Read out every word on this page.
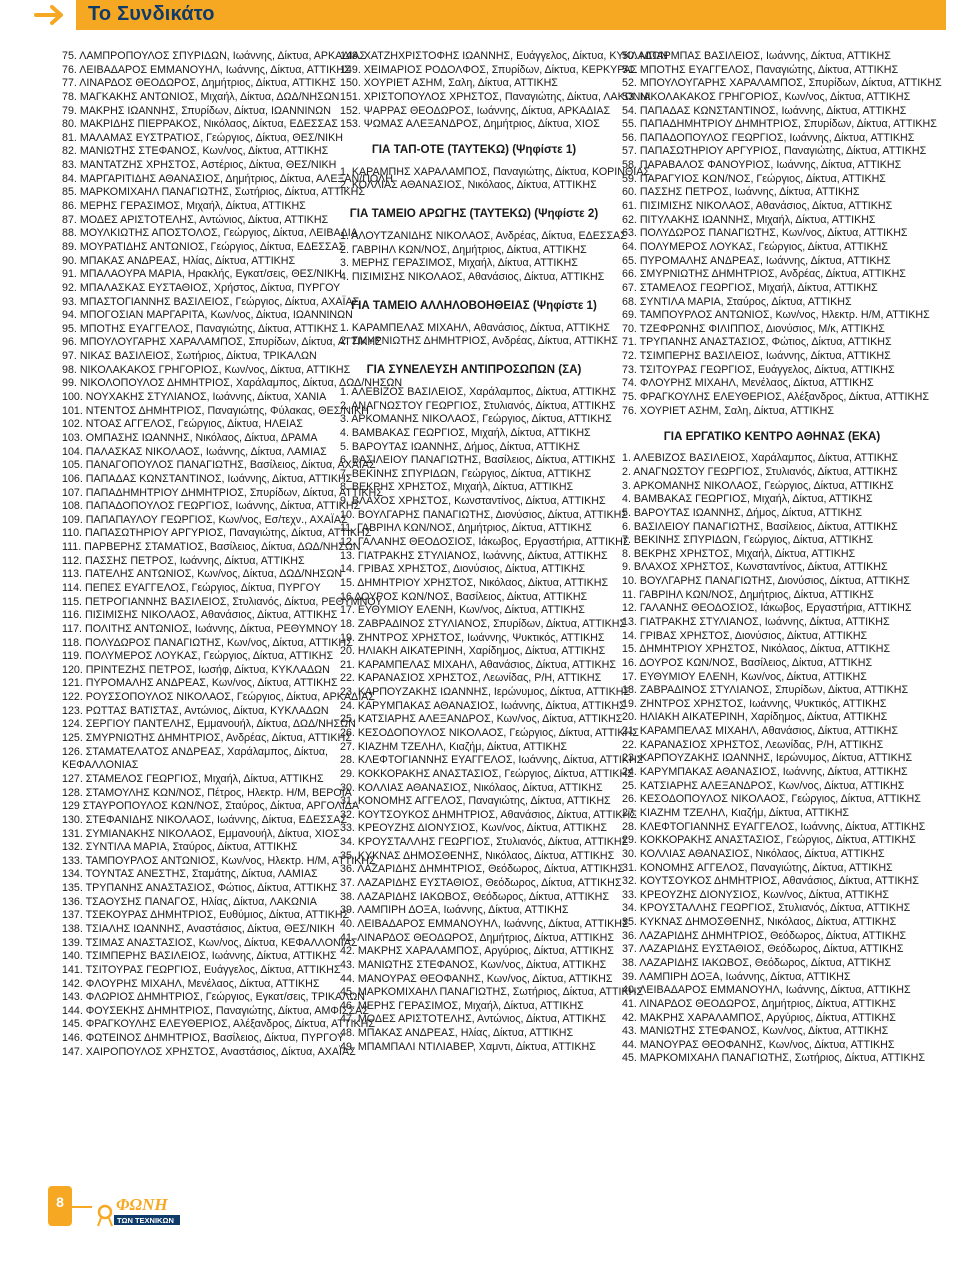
Το Συνδικάτο
75. ΛΑΜΠΡΟΠΟΥΛΟΣ ΣΠΥΡΙΔΩΝ, Ιωάννης, Δίκτυα, ΑΡΚΑΔΙΑΣ
76. ΛΕΙΒΑΔΑΡΟΣ ΕΜΜΑΝΟΥΗΛ, Ιωάννης, Δίκτυα, ΑΤΤΙΚΗΣ
77. ΛΙΝΑΡΔΟΣ ΘΕΟΔΩΡΟΣ, Δημήτριος, Δίκτυα, ΑΤΤΙΚΗΣ
78. ΜΑΓΚΑΚΗΣ ΑΝΤΩΝΙΟΣ, Μιχαήλ, Δίκτυα, ΔΩΔ/ΝΗΣΩΝ
79. ΜΑΚΡΗΣ ΙΩΑΝΝΗΣ, Σπυρίδων, Δίκτυα, ΙΩΑΝΝΙΝΩΝ
80. ΜΑΚΡΙΔΗΣ ΠΙΕΡΡΑΚΟΣ, Νικόλαος, Δίκτυα, ΕΔΕΣΣΑΣ
81. ΜΑΛΑΜΑΣ ΕΥΣΤΡΑΤΙΟΣ, Γεώργιος, Δίκτυα, ΘΕΣ/ΝΙΚΗ
82. ΜΑΝΙΩΤΗΣ ΣΤΕΦΑΝΟΣ, Κων/νος, Δίκτυα, ΑΤΤΙΚΗΣ
83. ΜΑΝΤΑΤΖΗΣ ΧΡΗΣΤΟΣ, Αστέριος, Δίκτυα, ΘΕΣ/ΝΙΚΗ
84. ΜΑΡΓΑΡΙΤΙΔΗΣ ΑΘΑΝΑΣΙΟΣ, Δημήτριος, Δίκτυα, ΑΛΕΞΑΝ/ΠΟΛΗ
85. ΜΑΡΚΟΜΙΧΑΗΛ ΠΑΝΑΓΙΩΤΗΣ, Σωτήριος, Δίκτυα, ΑΤΤΙΚΗΣ
86. ΜΕΡΗΣ ΓΕΡΑΣΙΜΟΣ, Μιχαήλ, Δίκτυα, ΑΤΤΙΚΗΣ
87. ΜΟΔΕΣ ΑΡΙΣΤΟΤΕΛΗΣ, Αντώνιος, Δίκτυα, ΑΤΤΙΚΗΣ
88. ΜΟΥΛΚΙΩΤΗΣ ΑΠΟΣΤΟΛΟΣ, Γεώργιος, Δίκτυα, ΛΕΙΒΑΔΙΑ
89. ΜΟΥΡΑΤΙΔΗΣ ΑΝΤΩΝΙΟΣ, Γεώργιος, Δίκτυα, ΕΔΕΣΣΑΣ
90. ΜΠΑΚΑΣ ΑΝΔΡΕΑΣ, Ηλίας, Δίκτυα, ΑΤΤΙΚΗΣ
91. ΜΠΑΛΑΟΥΡΑ ΜΑΡΙΑ, Ηρακλής, Εγκατ/σεις, ΘΕΣ/ΝΙΚΗ
92. ΜΠΑΛΑΣΚΑΣ ΕΥΣΤΑΘΙΟΣ, Χρήστος, Δίκτυα, ΠΥΡΓΟΥ
93. ΜΠΑΣΤΟΓΙΑΝΝΗΣ ΒΑΣΙΛΕΙΟΣ, Γεώργιος, Δίκτυα, ΑΧΑΪΑΣ
94. ΜΠΟΓΟΣΙΑΝ ΜΑΡΓΑΡΙΤΑ, Κων/νος, Δίκτυα, ΙΩΑΝΝΙΝΩΝ
95. ΜΠΟΤΗΣ ΕΥΑΓΓΕΛΟΣ, Παναγιώτης, Δίκτυα, ΑΤΤΙΚΗΣ
96. ΜΠΟΥΛΟΥΓΑΡΗΣ ΧΑΡΑΛΑΜΠΟΣ, Σπυρίδων, Δίκτυα, ΑΤΤΙΚΗΣ
97. ΝΙΚΑΣ ΒΑΣΙΛΕΙΟΣ, Σωτήριος, Δίκτυα, ΤΡΙΚΑΛΩΝ
98. ΝΙΚΟΛΑΚΑΚΟΣ ΓΡΗΓΟΡΙΟΣ, Κων/νος, Δίκτυα, ΑΤΤΙΚΗΣ
99. ΝΙΚΟΛΟΠΟΥΛΟΣ ΔΗΜΗΤΡΙΟΣ, Χαράλαμπος, Δίκτυα, ΔΩΔ/ΝΗΣΩΝ
100. ΝΟΥΧΑΚΗΣ ΣΤΥΛΙΑΝΟΣ, Ιωάννης, Δίκτυα, ΧΑΝΙΑ
101. ΝΤΕΝΤΟΣ ΔΗΜΗΤΡΙΟΣ, Παναγιώτης, Φύλακας, ΘΕΣ/ΝΙΚΗ
102. ΝΤΟΑΣ ΑΓΓΕΛΟΣ, Γεώργιος, Δίκτυα, ΗΛΕΙΑΣ
103. ΟΜΠΑΣΗΣ ΙΩΑΝΝΗΣ, Νικόλαος, Δίκτυα, ΔΡΑΜΑ
104. ΠΑΛΑΣΚΑΣ ΝΙΚΟΛΑΟΣ, Ιωάννης, Δίκτυα, ΛΑΜΙΑΣ
105. ΠΑΝΑΓΟΠΟΥΛΟΣ ΠΑΝΑΓΙΩΤΗΣ, Βασίλειος, Δίκτυα, ΑΧΑΪΑΣ
106. ΠΑΠΑΔΑΣ ΚΩΝΣΤΑΝΤΙΝΟΣ, Ιωάννης, Δίκτυα, ΑΤΤΙΚΗΣ
107. ΠΑΠΑΔΗΜΗΤΡΙΟΥ ΔΗΜΗΤΡΙΟΣ, Σπυρίδων, Δίκτυα, ΑΤΤΙΚΗΣ
108. ΠΑΠΑΔΟΠΟΥΛΟΣ ΓΕΩΡΓΙΟΣ, Ιωάννης, Δίκτυα, ΑΤΤΙΚΗΣ
109. ΠΑΠΑΠΑΥΛΟΥ ΓΕΩΡΓΙΟΣ, Κων/νος, Εσ/τεχν., ΑΧΑΪΑΣ
110. ΠΑΠΑΣΩΤΗΡΙΟΥ ΑΡΓΥΡΙΟΣ, Παναγιώτης, Δίκτυα, ΑΤΤΙΚΗΣ
111. ΠΑΡΒΕΡΗΣ ΣΤΑΜΑΤΙΟΣ, Βασίλειος, Δίκτυα, ΔΩΔ/ΝΗΣΩΝ
112. ΠΑΣΣΗΣ ΠΕΤΡΟΣ, Ιωάννης, Δίκτυα, ΑΤΤΙΚΗΣ
113. ΠΑΤΕΛΗΣ ΑΝΤΩΝΙΟΣ, Κων/νος, Δίκτυα, ΔΩΔ/ΝΗΣΩΝ
114. ΠΕΠΕΣ ΕΥΑΓΓΕΛΟΣ, Γεώργιος, Δίκτυα, ΠΥΡΓΟΥ
115. ΠΕΤΡΟΓΙΑΝΝΗΣ ΒΑΣΙΛΕΙΟΣ, Στυλιανός, Δίκτυα, ΡΕΘΥΜΝΟΥ
116. ΠΙΣΙΜΙΣΗΣ ΝΙΚΟΛΑΟΣ, Αθανάσιος, Δίκτυα, ΑΤΤΙΚΗΣ
117. ΠΟΛΙΤΗΣ ΑΝΤΩΝΙΟΣ, Ιωάννης, Δίκτυα, ΡΕΘΥΜΝΟΥ
118. ΠΟΛΥΔΩΡΟΣ ΠΑΝΑΓΙΩΤΗΣ, Κων/νος, Δίκτυα, ΑΤΤΙΚΗΣ
119. ΠΟΛΥΜΕΡΟΣ ΛΟΥΚΑΣ, Γεώργιος, Δίκτυα, ΑΤΤΙΚΗΣ
120. ΠΡΙΝΤΕΖΗΣ ΠΕΤΡΟΣ, Ιωσήφ, Δίκτυα, ΚΥΚΛΑΔΩΝ
121. ΠΥΡΟΜΑΛΗΣ ΑΝΔΡΕΑΣ, Κων/νος, Δίκτυα, ΑΤΤΙΚΗΣ
122. ΡΟΥΣΣΟΠΟΥΛΟΣ ΝΙΚΟΛΑΟΣ, Γεώργιος, Δίκτυα, ΑΡΚΑΔΙΑΣ
123. ΡΩΤΤΑΣ ΒΑΤΙΣΤΑΣ, Αντώνιος, Δίκτυα, ΚΥΚΛΑΔΩΝ
124. ΣΕΡΓΙΟΥ ΠΑΝΤΕΛΗΣ, Εμμανουήλ, Δίκτυα, ΔΩΔ/ΝΗΣΩΝ
125. ΣΜΥΡΝΙΩΤΗΣ ΔΗΜΗΤΡΙΟΣ, Ανδρέας, Δίκτυα, ΑΤΤΙΚΗΣ
126. ΣΤΑΜΑΤΕΛΑΤΟΣ ΑΝΔΡΕΑΣ, Χαράλαμπος, Δίκτυα,
ΚΕΦΑΛΛΟΝΙΑΣ
127. ΣΤΑΜΕΛΟΣ ΓΕΩΡΓΙΟΣ, Μιχαήλ, Δίκτυα, ΑΤΤΙΚΗΣ
128. ΣΤΑΜΟΥΛΗΣ ΚΩΝ/ΝΟΣ, Πέτρος, Ηλεκτρ. Η/Μ, ΒΕΡΟΙΑ
129 ΣΤΑΥΡΟΠΟΥΛΟΣ ΚΩΝ/ΝΟΣ, Σταύρος, Δίκτυα, ΑΡΓΟΛΙΔΑ
130. ΣΤΕΦΑΝΙΔΗΣ ΝΙΚΟΛΑΟΣ, Ιωάννης, Δίκτυα, ΕΔΕΣΣΑΣ
131. ΣΥΜΙΑΝΑΚΗΣ ΝΙΚΟΛΑΟΣ, Εμμανουήλ, Δίκτυα, ΧΙΟΣ
132. ΣΥΝΤΙΛΑ ΜΑΡΙΑ, Σταύρος, Δίκτυα, ΑΤΤΙΚΗΣ
133. ΤΑΜΠΟΥΡΛΟΣ ΑΝΤΩΝΙΟΣ, Κων/νος, Ηλεκτρ. Η/Μ, ΑΤΤΙΚΗΣ
134. ΤΟΥΝΤΑΣ ΑΝΕΣΤΗΣ, Σταμάτης, Δίκτυα, ΛΑΜΙΑΣ
135. ΤΡΥΠΑΝΗΣ ΑΝΑΣΤΑΣΙΟΣ, Φώτιος, Δίκτυα, ΑΤΤΙΚΗΣ
136. ΤΣΑΟΥΣΗΣ ΠΑΝΑΓΟΣ, Ηλίας, Δίκτυα, ΛΑΚΩΝΙΑ
137. ΤΣΕΚΟΥΡΑΣ ΔΗΜΗΤΡΙΟΣ, Ευθύμιος, Δίκτυα, ΑΤΤΙΚΗΣ
138. ΤΣΙΑΛΗΣ ΙΩΑΝΝΗΣ, Αναστάσιος, Δίκτυα, ΘΕΣ/ΝΙΚΗ
139. ΤΣΙΜΑΣ ΑΝΑΣΤΑΣΙΟΣ, Κων/νος, Δίκτυα, ΚΕΦΑΛΛΟΝΙΑΣ
140. ΤΣΙΜΠΕΡΗΣ ΒΑΣΙΛΕΙΟΣ, Ιωάννης, Δίκτυα, ΑΤΤΙΚΗΣ
141. ΤΣΙΤΟΥΡΑΣ ΓΕΩΡΓΙΟΣ, Ευάγγελος, Δίκτυα, ΑΤΤΙΚΗΣ
142. ΦΛΟΥΡΗΣ ΜΙΧΑΗΛ, Μενέλαος, Δίκτυα, ΑΤΤΙΚΗΣ
143. ΦΛΩΡΙΟΣ ΔΗΜΗΤΡΙΟΣ, Γεώργιος, Εγκατ/σεις, ΤΡΙΚΑΛΩΝ
144. ΦΟΥΣΕΚΗΣ ΔΗΜΗΤΡΙΟΣ, Παναγιώτης, Δίκτυα, ΑΜΦΙΣΣΑΣ
145. ΦΡΑΓΚΟΥΛΗΣ ΕΛΕΥΘΕΡΙΟΣ, Αλέξανδρος, Δίκτυα, ΑΤΤΙΚΗΣ
146. ΦΩΤΕΙΝΟΣ ΔΗΜΗΤΡΙΟΣ, Βασίλειος, Δίκτυα, ΠΥΡΓΟΥ
147. ΧΑΙΡΟΠΟΥΛΟΣ ΧΡΗΣΤΟΣ, Αναστάσιος, Δίκτυα, ΑΧΑΪΑΣ
148. ΧΑΤΖΗΧΡΙΣΤΟΦΗΣ ΙΩΑΝΝΗΣ, Ευάγγελος, Δίκτυα, ΚΥΚΛΑΔΩΝ
149. ΧΕΙΜΑΡΙΟΣ ΡΟΔΟΛΦΟΣ, Σπυρίδων, Δίκτυα, ΚΕΡΚΥΡΑΣ
150. ΧΟΥΡΙΕΤ ΑΣΗΜ, Σαλη, Δίκτυα, ΑΤΤΙΚΗΣ
151. ΧΡΙΣΤΟΠΟΥΛΟΣ ΧΡΗΣΤΟΣ, Παναγιώτης, Δίκτυα, ΛΑΚΩΝΙΑ
152. ΨΑΡΡΑΣ ΘΕΟΔΩΡΟΣ, Ιωάννης, Δίκτυα, ΑΡΚΑΔΙΑΣ
153. ΨΩΜΑΣ ΑΛΕΞΑΝΔΡΟΣ, Δημήτριος, Δίκτυα, ΧΙΟΣ
ΓΙΑ ΤΑΠ-ΟΤΕ (ΤΑΥΤΕΚΩ) (Ψηφίστε 1)
1. ΚΑΡΑΜΠΗΣ ΧΑΡΑΛΑΜΠΟΣ, Παναγιώτης, Δίκτυα, ΚΟΡΙΝΘΙΑΣ
2. ΚΟΛΛΙΑΣ ΑΘΑΝΑΣΙΟΣ, Νικόλαος, Δίκτυα, ΑΤΤΙΚΗΣ
ΓΙΑ ΤΑΜΕΙΟ ΑΡΩΓΗΣ (ΤΑΥΤΕΚΩ) (Ψηφίστε 2)
1. ΑΛΟΥΤΖΑΝΙΔΗΣ ΝΙΚΟΛΑΟΣ, Ανδρέας, Δίκτυα, ΕΔΕΣΣΑΣ
2. ΓΑΒΡΙΗΛ ΚΩΝ/ΝΟΣ, Δημήτριος, Δίκτυα, ΑΤΤΙΚΗΣ
3. ΜΕΡΗΣ ΓΕΡΑΣΙΜΟΣ, Μιχαήλ, Δίκτυα, ΑΤΤΙΚΗΣ
4. ΠΙΣΙΜΙΣΗΣ ΝΙΚΟΛΑΟΣ, Αθανάσιος, Δίκτυα, ΑΤΤΙΚΗΣ
ΓΙΑ ΤΑΜΕΙΟ ΑΛΛΗΛΟΒΟΗΘΕΙΑΣ (Ψηφίστε 1)
1. ΚΑΡΑΜΠΕΛΑΣ ΜΙΧΑΗΛ, Αθανάσιος, Δίκτυα, ΑΤΤΙΚΗΣ
2. ΣΜΥΡΝΙΩΤΗΣ ΔΗΜΗΤΡΙΟΣ, Ανδρέας, Δίκτυα, ΑΤΤΙΚΗΣ
ΓΙΑ ΣΥΝΕΛΕΥΣΗ ΑΝΤΙΠΡΟΣΩΠΩΝ (ΣΑ)
1. ΑΛΕΒΙΖΟΣ ΒΑΣΙΛΕΙΟΣ, Χαράλαμπος, Δίκτυα, ΑΤΤΙΚΗΣ
2. ΑΝΑΓΝΩΣΤΟΥ ΓΕΩΡΓΙΟΣ, Στυλιανός, Δίκτυα, ΑΤΤΙΚΗΣ
3. ΑΡΚΟΜΑΝΗΣ ΝΙΚΟΛΑΟΣ, Γεώργιος, Δίκτυα, ΑΤΤΙΚΗΣ
4. ΒΑΜΒΑΚΑΣ ΓΕΩΡΓΙΟΣ, Μιχαήλ, Δίκτυα, ΑΤΤΙΚΗΣ
5. ΒΑΡΟΥΤΑΣ ΙΩΑΝΝΗΣ, Δήμος, Δίκτυα, ΑΤΤΙΚΗΣ
6. ΒΑΣΙΛΕΙΟΥ ΠΑΝΑΓΙΩΤΗΣ, Βασίλειος, Δίκτυα, ΑΤΤΙΚΗΣ
7. ΒΕΚΙΝΗΣ ΣΠΥΡΙΔΩΝ, Γεώργιος, Δίκτυα, ΑΤΤΙΚΗΣ
8. ΒΕΚΡΗΣ ΧΡΗΣΤΟΣ, Μιχαήλ, Δίκτυα, ΑΤΤΙΚΗΣ
9. ΒΛΑΧΟΣ ΧΡΗΣΤΟΣ, Κωνσταντίνος, Δίκτυα, ΑΤΤΙΚΗΣ
10. ΒΟΥΛΓΑΡΗΣ ΠΑΝΑΓΙΩΤΗΣ, Διονύσιος, Δίκτυα, ΑΤΤΙΚΗΣ
11. ΓΑΒΡΙΗΛ ΚΩΝ/ΝΟΣ, Δημήτριος, Δίκτυα, ΑΤΤΙΚΗΣ
12. ΓΑΛΑΝΗΣ ΘΕΟΔΟΣΙΟΣ, Ιάκωβος, Εργαστήρια, ΑΤΤΙΚΗΣ
13. ΓΙΑΤΡΑΚΗΣ ΣΤΥΛΙΑΝΟΣ, Ιωάννης, Δίκτυα, ΑΤΤΙΚΗΣ
14. ΓΡΙΒΑΣ ΧΡΗΣΤΟΣ, Διονύσιος, Δίκτυα, ΑΤΤΙΚΗΣ
15. ΔΗΜΗΤΡΙΟΥ ΧΡΗΣΤΟΣ, Νικόλαος, Δίκτυα, ΑΤΤΙΚΗΣ
16 ΔΟΥΡΟΣ ΚΩΝ/ΝΟΣ, Βασίλειος, Δίκτυα, ΑΤΤΙΚΗΣ
17. ΕΥΘΥΜΙΟΥ ΕΛΕΝΗ, Κων/νος, Δίκτυα, ΑΤΤΙΚΗΣ
18. ΖΑΒΡΑΔΙΝΟΣ ΣΤΥΛΙΑΝΟΣ, Σπυρίδων, Δίκτυα, ΑΤΤΙΚΗΣ
19. ΖΗΝΤΡΟΣ ΧΡΗΣΤΟΣ, Ιωάννης, Ψυκτικός, ΑΤΤΙΚΗΣ
20. ΗΛΙΑΚΗ ΑΙΚΑΤΕΡΙΝΗ, Χαρίδημος, Δίκτυα, ΑΤΤΙΚΗΣ
21. ΚΑΡΑΜΠΕΛΑΣ ΜΙΧΑΗΛ, Αθανάσιος, Δίκτυα, ΑΤΤΙΚΗΣ
22. ΚΑΡΑΝΑΣΙΟΣ ΧΡΗΣΤΟΣ, Λεωνίδας, Ρ/Η, ΑΤΤΙΚΗΣ
23. ΚΑΡΠΟΥΖΑΚΗΣ ΙΩΑΝΝΗΣ, Ιερώνυμος, Δίκτυα, ΑΤΤΙΚΗΣ
24. ΚΑΡΥΜΠΑΚΑΣ ΑΘΑΝΑΣΙΟΣ, Ιωάννης, Δίκτυα, ΑΤΤΙΚΗΣ
25. ΚΑΤΣΙΑΡΗΣ ΑΛΕΞΑΝΔΡΟΣ, Κων/νος, Δίκτυα, ΑΤΤΙΚΗΣ
26. ΚΕΣΟΔΟΠΟΥΛΟΣ ΝΙΚΟΛΑΟΣ, Γεώργιος, Δίκτυα, ΑΤΤΙΚΗΣ
27. ΚΙΑΖΗΜ ΤΖΕΛΗΛ, Κιαζήμ, Δίκτυα, ΑΤΤΙΚΗΣ
28. ΚΛΕΦΤΟΓΙΑΝΝΗΣ ΕΥΑΓΓΕΛΟΣ, Ιωάννης, Δίκτυα, ΑΤΤΙΚΗΣ
29. ΚΟΚΚΟΡΑΚΗΣ ΑΝΑΣΤΑΣΙΟΣ, Γεώργιος, Δίκτυα, ΑΤΤΙΚΗΣ
30. ΚΟΛΛΙΑΣ ΑΘΑΝΑΣΙΟΣ, Νικόλαος, Δίκτυα, ΑΤΤΙΚΗΣ
31. ΚΟΝΟΜΗΣ ΑΓΓΕΛΟΣ, Παναγιώτης, Δίκτυα, ΑΤΤΙΚΗΣ
32. ΚΟΥΤΣΟΥΚΟΣ ΔΗΜΗΤΡΙΟΣ, Αθανάσιος, Δίκτυα, ΑΤΤΙΚΗΣ
33. ΚΡΕΟΥΖΗΣ ΔΙΟΝΥΣΙΟΣ, Κων/νος, Δίκτυα, ΑΤΤΙΚΗΣ
34. ΚΡΟΥΣΤΑΛΛΗΣ ΓΕΩΡΓΙΟΣ, Στυλιανός, Δίκτυα, ΑΤΤΙΚΗΣ
35. ΚΥΚΝΑΣ ΔΗΜΟΣΘΕΝΗΣ, Νικόλαος, Δίκτυα, ΑΤΤΙΚΗΣ
36. ΛΑΖΑΡΙΔΗΣ ΔΗΜΗΤΡΙΟΣ, Θεόδωρος, Δίκτυα, ΑΤΤΙΚΗΣ
37. ΛΑΖΑΡΙΔΗΣ ΕΥΣΤΑΘΙΟΣ, Θεόδωρος, Δίκτυα, ΑΤΤΙΚΗΣ
38. ΛΑΖΑΡΙΔΗΣ ΙΑΚΩΒΟΣ, Θεόδωρος, Δίκτυα, ΑΤΤΙΚΗΣ
39. ΛΑΜΠΙΡΗ ΔΟΞΑ, Ιωάννης, Δίκτυα, ΑΤΤΙΚΗΣ
40. ΛΕΙΒΑΔΑΡΟΣ ΕΜΜΑΝΟΥΗΛ, Ιωάννης, Δίκτυα, ΑΤΤΙΚΗΣ
41. ΛΙΝΑΡΔΟΣ ΘΕΟΔΩΡΟΣ, Δημήτριος, Δίκτυα, ΑΤΤΙΚΗΣ
42. ΜΑΚΡΗΣ ΧΑΡΑΛΑΜΠΟΣ, Αργύριος, Δίκτυα, ΑΤΤΙΚΗΣ
43. ΜΑΝΙΩΤΗΣ ΣΤΕΦΑΝΟΣ, Κων/νος, Δίκτυα, ΑΤΤΙΚΗΣ
44. ΜΑΝΟΥΡΑΣ ΘΕΟΦΑΝΗΣ, Κων/νος, Δίκτυα, ΑΤΤΙΚΗΣ
45. ΜΑΡΚΟΜΙΧΑΗΛ ΠΑΝΑΓΙΩΤΗΣ, Σωτήριος, Δίκτυα, ΑΤΤΙΚΗΣ
46. ΜΕΡΗΣ ΓΕΡΑΣΙΜΟΣ, Μιχαήλ, Δίκτυα, ΑΤΤΙΚΗΣ
47. ΜΟΔΕΣ ΑΡΙΣΤΟΤΕΛΗΣ, Αντώνιος, Δίκτυα, ΑΤΤΙΚΗΣ
48. ΜΠΑΚΑΣ ΑΝΔΡΕΑΣ, Ηλίας, Δίκτυα, ΑΤΤΙΚΗΣ
49. ΜΠΑΜΠΑΛΙ ΝΤΙΛΙΑΒΕΡ, Χαμντι, Δίκτυα, ΑΤΤΙΚΗΣ
50. ΜΠΑΡΜΠΑΣ ΒΑΣΙΛΕΙΟΣ, Ιωάννης, Δίκτυα, ΑΤΤΙΚΗΣ
51. ΜΠΟΤΗΣ ΕΥΑΓΓΕΛΟΣ, Παναγιώτης, Δίκτυα, ΑΤΤΙΚΗΣ
52. ΜΠΟΥΛΟΥΓΑΡΗΣ ΧΑΡΑΛΑΜΠΟΣ, Σπυρίδων, Δίκτυα, ΑΤΤΙΚΗΣ
53. ΝΙΚΟΛΑΚΑΚΟΣ ΓΡΗΓΟΡΙΟΣ, Κων/νος, Δίκτυα, ΑΤΤΙΚΗΣ
54. ΠΑΠΑΔΑΣ ΚΩΝΣΤΑΝΤΙΝΟΣ, Ιωάννης, Δίκτυα, ΑΤΤΙΚΗΣ
55. ΠΑΠΑΔΗΜΗΤΡΙΟΥ ΔΗΜΗΤΡΙΟΣ, Σπυρίδων, Δίκτυα, ΑΤΤΙΚΗΣ
56. ΠΑΠΑΔΟΠΟΥΛΟΣ ΓΕΩΡΓΙΟΣ, Ιωάννης, Δίκτυα, ΑΤΤΙΚΗΣ
57. ΠΑΠΑΣΩΤΗΡΙΟΥ ΑΡΓΥΡΙΟΣ, Παναγιώτης, Δίκτυα, ΑΤΤΙΚΗΣ
58. ΠΑΡΑΒΑΛΟΣ ΦΑΝΟΥΡΙΟΣ, Ιωάννης, Δίκτυα, ΑΤΤΙΚΗΣ
59. ΠΑΡΑΓΥΙΟΣ ΚΩΝ/ΝΟΣ, Γεώργιος, Δίκτυα, ΑΤΤΙΚΗΣ
60. ΠΑΣΣΗΣ ΠΕΤΡΟΣ, Ιωάννης, Δίκτυα, ΑΤΤΙΚΗΣ
61. ΠΙΣΙΜΙΣΗΣ ΝΙΚΟΛΑΟΣ, Αθανάσιος, Δίκτυα, ΑΤΤΙΚΗΣ
62. ΠΙΤΥΛΑΚΗΣ ΙΩΑΝΝΗΣ, Μιχαήλ, Δίκτυα, ΑΤΤΙΚΗΣ
63. ΠΟΛΥΔΩΡΟΣ ΠΑΝΑΓΙΩΤΗΣ, Κων/νος, Δίκτυα, ΑΤΤΙΚΗΣ
64. ΠΟΛΥΜΕΡΟΣ ΛΟΥΚΑΣ, Γεώργιος, Δίκτυα, ΑΤΤΙΚΗΣ
65. ΠΥΡΟΜΑΛΗΣ ΑΝΔΡΕΑΣ, Ιωάννης, Δίκτυα, ΑΤΤΙΚΗΣ
66. ΣΜΥΡΝΙΩΤΗΣ ΔΗΜΗΤΡΙΟΣ, Ανδρέας, Δίκτυα, ΑΤΤΙΚΗΣ
67. ΣΤΑΜΕΛΟΣ ΓΕΩΡΓΙΟΣ, Μιχαήλ, Δίκτυα, ΑΤΤΙΚΗΣ
68. ΣΥΝΤΙΛΑ ΜΑΡΙΑ, Σταύρος, Δίκτυα, ΑΤΤΙΚΗΣ
69. ΤΑΜΠΟΥΡΛΟΣ ΑΝΤΩΝΙΟΣ, Κων/νος, Ηλεκτρ. Η/Μ, ΑΤΤΙΚΗΣ
70. ΤΖΕΦΡΩΝΗΣ ΦΙΛΙΠΠΟΣ, Διονύσιος, Μ/κ, ΑΤΤΙΚΗΣ
71. ΤΡΥΠΑΝΗΣ ΑΝΑΣΤΑΣΙΟΣ, Φώτιος, Δίκτυα, ΑΤΤΙΚΗΣ
72. ΤΣΙΜΠΕΡΗΣ ΒΑΣΙΛΕΙΟΣ, Ιωάννης, Δίκτυα, ΑΤΤΙΚΗΣ
73. ΤΣΙΤΟΥΡΑΣ ΓΕΩΡΓΙΟΣ, Ευάγγελος, Δίκτυα, ΑΤΤΙΚΗΣ
74. ΦΛΟΥΡΗΣ ΜΙΧΑΗΛ, Μενέλαος, Δίκτυα, ΑΤΤΙΚΗΣ
75. ΦΡΑΓΚΟΥΛΗΣ ΕΛΕΥΘΕΡΙΟΣ, Αλέξανδρος, Δίκτυα, ΑΤΤΙΚΗΣ
76. ΧΟΥΡΙΕΤ ΑΣΗΜ, Σαλη, Δίκτυα, ΑΤΤΙΚΗΣ
ΓΙΑ ΕΡΓΑΤΙΚΟ ΚΕΝΤΡΟ ΑΘΗΝΑΣ (ΕΚΑ)
1. ΑΛΕΒΙΖΟΣ ΒΑΣΙΛΕΙΟΣ, Χαράλαμπος, Δίκτυα, ΑΤΤΙΚΗΣ
2. ΑΝΑΓΝΩΣΤΟΥ ΓΕΩΡΓΙΟΣ, Στυλιανός, Δίκτυα, ΑΤΤΙΚΗΣ
3. ΑΡΚΟΜΑΝΗΣ ΝΙΚΟΛΑΟΣ, Γεώργιος, Δίκτυα, ΑΤΤΙΚΗΣ
4. ΒΑΜΒΑΚΑΣ ΓΕΩΡΓΙΟΣ, Μιχαήλ, Δίκτυα, ΑΤΤΙΚΗΣ
5. ΒΑΡΟΥΤΑΣ ΙΩΑΝΝΗΣ, Δήμος, Δίκτυα, ΑΤΤΙΚΗΣ
6. ΒΑΣΙΛΕΙΟΥ ΠΑΝΑΓΙΩΤΗΣ, Βασίλειος, Δίκτυα, ΑΤΤΙΚΗΣ
7. ΒΕΚΙΝΗΣ ΣΠΥΡΙΔΩΝ, Γεώργιος, Δίκτυα, ΑΤΤΙΚΗΣ
8. ΒΕΚΡΗΣ ΧΡΗΣΤΟΣ, Μιχαήλ, Δίκτυα, ΑΤΤΙΚΗΣ
9. ΒΛΑΧΟΣ ΧΡΗΣΤΟΣ, Κωνσταντίνος, Δίκτυα, ΑΤΤΙΚΗΣ
10. ΒΟΥΛΓΑΡΗΣ ΠΑΝΑΓΙΩΤΗΣ, Διονύσιος, Δίκτυα, ΑΤΤΙΚΗΣ
11. ΓΑΒΡΙΗΛ ΚΩΝ/ΝΟΣ, Δημήτριος, Δίκτυα, ΑΤΤΙΚΗΣ
12. ΓΑΛΑΝΗΣ ΘΕΟΔΟΣΙΟΣ, Ιάκωβος, Εργαστήρια, ΑΤΤΙΚΗΣ
13. ΓΙΑΤΡΑΚΗΣ ΣΤΥΛΙΑΝΟΣ, Ιωάννης, Δίκτυα, ΑΤΤΙΚΗΣ
14. ΓΡΙΒΑΣ ΧΡΗΣΤΟΣ, Διονύσιος, Δίκτυα, ΑΤΤΙΚΗΣ
15. ΔΗΜΗΤΡΙΟΥ ΧΡΗΣΤΟΣ, Νικόλαος, Δίκτυα, ΑΤΤΙΚΗΣ
16. ΔΟΥΡΟΣ ΚΩΝ/ΝΟΣ, Βασίλειος, Δίκτυα, ΑΤΤΙΚΗΣ
17. ΕΥΘΥΜΙΟΥ ΕΛΕΝΗ, Κων/νος, Δίκτυα, ΑΤΤΙΚΗΣ
18. ΖΑΒΡΑΔΙΝΟΣ ΣΤΥΛΙΑΝΟΣ, Σπυρίδων, Δίκτυα, ΑΤΤΙΚΗΣ
19. ΖΗΝΤΡΟΣ ΧΡΗΣΤΟΣ, Ιωάννης, Ψυκτικός, ΑΤΤΙΚΗΣ
20. ΗΛΙΑΚΗ ΑΙΚΑΤΕΡΙΝΗ, Χαρίδημος, Δίκτυα, ΑΤΤΙΚΗΣ
21. ΚΑΡΑΜΠΕΛΑΣ ΜΙΧΑΗΛ, Αθανάσιος, Δίκτυα, ΑΤΤΙΚΗΣ
22. ΚΑΡΑΝΑΣΙΟΣ ΧΡΗΣΤΟΣ, Λεωνίδας, Ρ/Η, ΑΤΤΙΚΗΣ
23. ΚΑΡΠΟΥΖΑΚΗΣ ΙΩΑΝΝΗΣ, Ιερώνυμος, Δίκτυα, ΑΤΤΙΚΗΣ
24. ΚΑΡΥΜΠΑΚΑΣ ΑΘΑΝΑΣΙΟΣ, Ιωάννης, Δίκτυα, ΑΤΤΙΚΗΣ
25. ΚΑΤΣΙΑΡΗΣ ΑΛΕΞΑΝΔΡΟΣ, Κων/νος, Δίκτυα, ΑΤΤΙΚΗΣ
26. ΚΕΣΟΔΟΠΟΥΛΟΣ ΝΙΚΟΛΑΟΣ, Γεώργιος, Δίκτυα, ΑΤΤΙΚΗΣ
27. ΚΙΑΖΗΜ ΤΖΕΛΗΛ, Κιαζήμ, Δίκτυα, ΑΤΤΙΚΗΣ
28. ΚΛΕΦΤΟΓΙΑΝΝΗΣ ΕΥΑΓΓΕΛΟΣ, Ιωάννης, Δίκτυα, ΑΤΤΙΚΗΣ
29. ΚΟΚΚΟΡΑΚΗΣ ΑΝΑΣΤΑΣΙΟΣ, Γεώργιος, Δίκτυα, ΑΤΤΙΚΗΣ
30. ΚΟΛΛΙΑΣ ΑΘΑΝΑΣΙΟΣ, Νικόλαος, Δίκτυα, ΑΤΤΙΚΗΣ
31. ΚΟΝΟΜΗΣ ΑΓΓΕΛΟΣ, Παναγιώτης, Δίκτυα, ΑΤΤΙΚΗΣ
32. ΚΟΥΤΣΟΥΚΟΣ ΔΗΜΗΤΡΙΟΣ, Αθανάσιος, Δίκτυα, ΑΤΤΙΚΗΣ
33. ΚΡΕΟΥΖΗΣ ΔΙΟΝΥΣΙΟΣ, Κων/νος, Δίκτυα, ΑΤΤΙΚΗΣ
34. ΚΡΟΥΣΤΑΛΛΗΣ ΓΕΩΡΓΙΟΣ, Στυλιανός, Δίκτυα, ΑΤΤΙΚΗΣ
35. ΚΥΚΝΑΣ ΔΗΜΟΣΘΕΝΗΣ, Νικόλαος, Δίκτυα, ΑΤΤΙΚΗΣ
36. ΛΑΖΑΡΙΔΗΣ ΔΗΜΗΤΡΙΟΣ, Θεόδωρος, Δίκτυα, ΑΤΤΙΚΗΣ
37. ΛΑΖΑΡΙΔΗΣ ΕΥΣΤΑΘΙΟΣ, Θεόδωρος, Δίκτυα, ΑΤΤΙΚΗΣ
38. ΛΑΖΑΡΙΔΗΣ ΙΑΚΩΒΟΣ, Θεόδωρος, Δίκτυα, ΑΤΤΙΚΗΣ
39. ΛΑΜΠΙΡΗ ΔΟΞΑ, Ιωάννης, Δίκτυα, ΑΤΤΙΚΗΣ
40. ΛΕΙΒΑΔΑΡΟΣ ΕΜΜΑΝΟΥΗΛ, Ιωάννης, Δίκτυα, ΑΤΤΙΚΗΣ
41. ΛΙΝΑΡΔΟΣ ΘΕΟΔΩΡΟΣ, Δημήτριος, Δίκτυα, ΑΤΤΙΚΗΣ
42. ΜΑΚΡΗΣ ΧΑΡΑΛΑΜΠΟΣ, Αργύριος, Δίκτυα, ΑΤΤΙΚΗΣ
43. ΜΑΝΙΩΤΗΣ ΣΤΕΦΑΝΟΣ, Κων/νος, Δίκτυα, ΑΤΤΙΚΗΣ
44. ΜΑΝΟΥΡΑΣ ΘΕΟΦΑΝΗΣ, Κων/νος, Δίκτυα, ΑΤΤΙΚΗΣ
45. ΜΑΡΚΟΜΙΧΑΗΛ ΠΑΝΑΓΙΩΤΗΣ, Σωτήριος, Δίκτυα, ΑΤΤΙΚΗΣ
8	ΦΩΝΗ
ΤΩΝ ΤΕΧΝΙΚΩΝ
